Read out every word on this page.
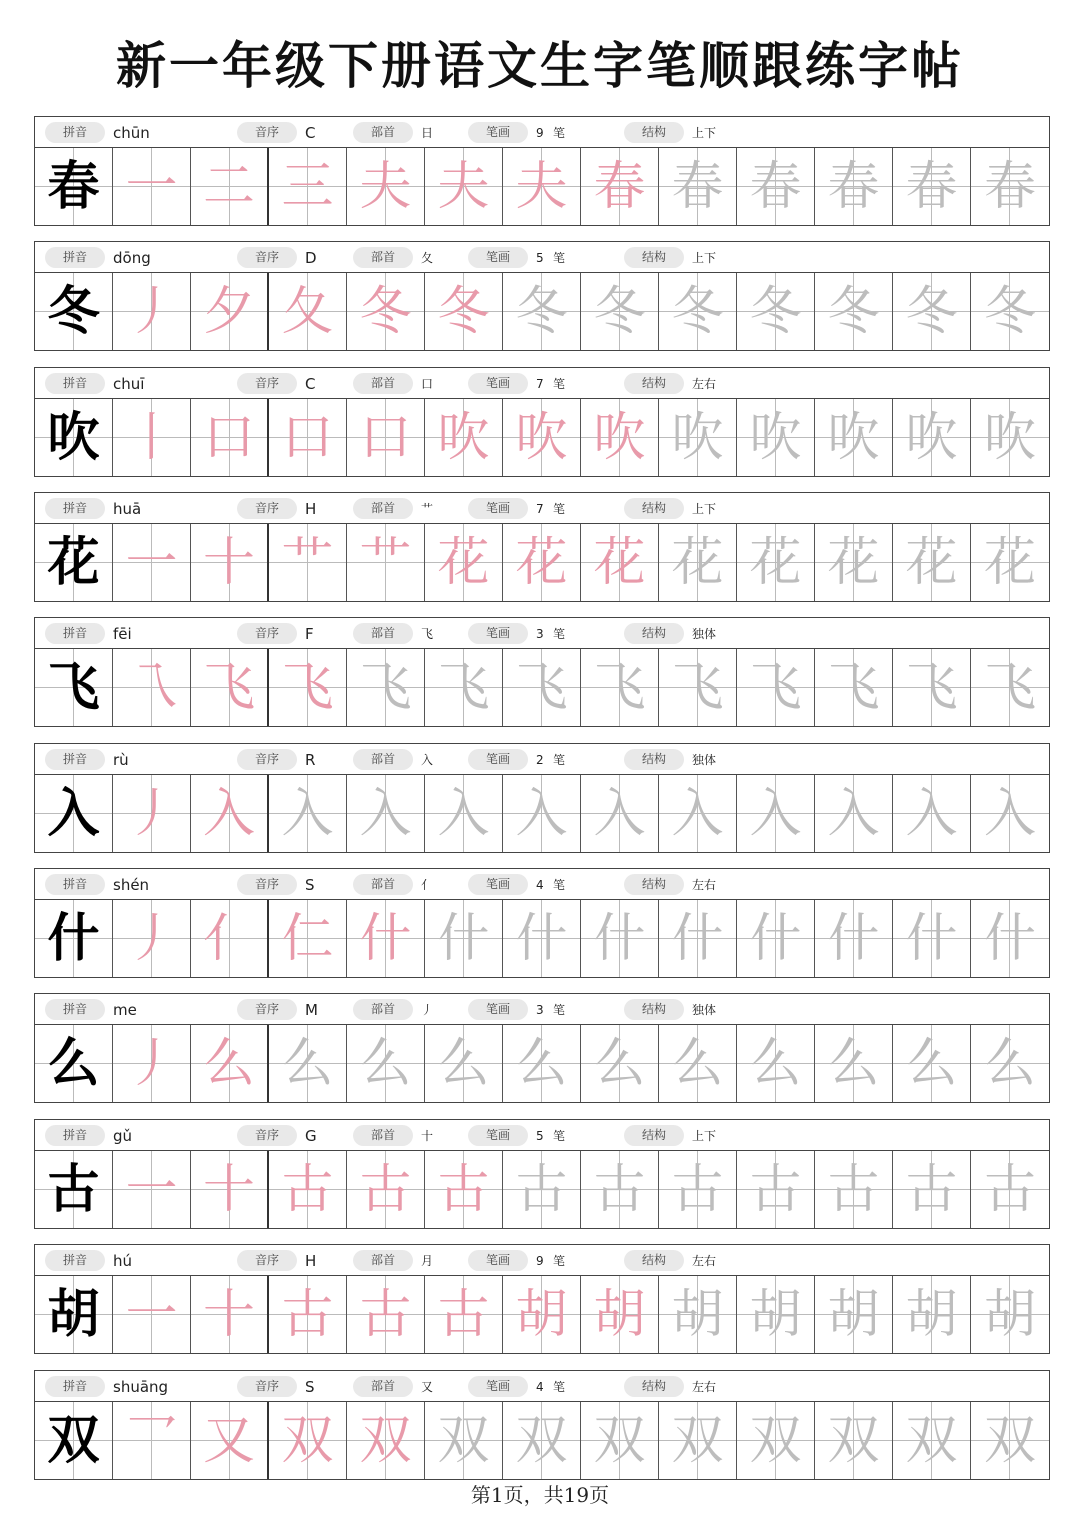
新一年级下册语文生字笔顺跟练字帖
拼音	chūn	音序	C	部首	日	笔画	9 笔	结构	上下
春 一 二 三 夫 夫 夫 春 春 春 春 春 春
拼音	dōng	音序	D	部首	夂	笔画	5 笔	结构	上下
冬 丿 夕 夂 冬 冬 冬 冬 冬 冬 冬 冬 冬
拼音	chuī	音序	C	部首	口	笔画	7 笔	结构	左右
吹 丨 口 口 口 吹 吹 吹 吹 吹 吹 吹 吹
拼音	huā	音序	H	部首	艹	笔画	7 笔	结构	上下
花 一 十 艹 艹 花 花 花 花 花 花 花 花
拼音	fēi	音序	F	部首	飞	笔画	3 笔	结构	独体
飞 乁 飞 飞 飞 飞 飞 飞 飞 飞 飞 飞 飞
拼音	rù	音序	R	部首	入	笔画	2 笔	结构	独体
入 丿 入 入 入 入 入 入 入 入 入 入 入
拼音	shén	音序	S	部首	亻	笔画	4 笔	结构	左右
什 丿 亻 仁 什 什 什 什 什 什 什 什 什
拼音	me	音序	M	部首	丿	笔画	3 笔	结构	独体
么 丿 么 么 么 么 么 么 么 么 么 么 么
拼音	gǔ	音序	G	部首	十	笔画	5 笔	结构	上下
古 一 十 古 古 古 古 古 古 古 古 古 古
拼音	hú	音序	H	部首	月	笔画	9 笔	结构	左右
胡 一 十 古 古 古 胡 胡 胡 胡 胡 胡 胡
拼音	shuāng	音序	S	部首	又	笔画	4 笔	结构	左右
双 乛 又 双 双 双 双 双 双 双 双 双 双
第1页，共19页
